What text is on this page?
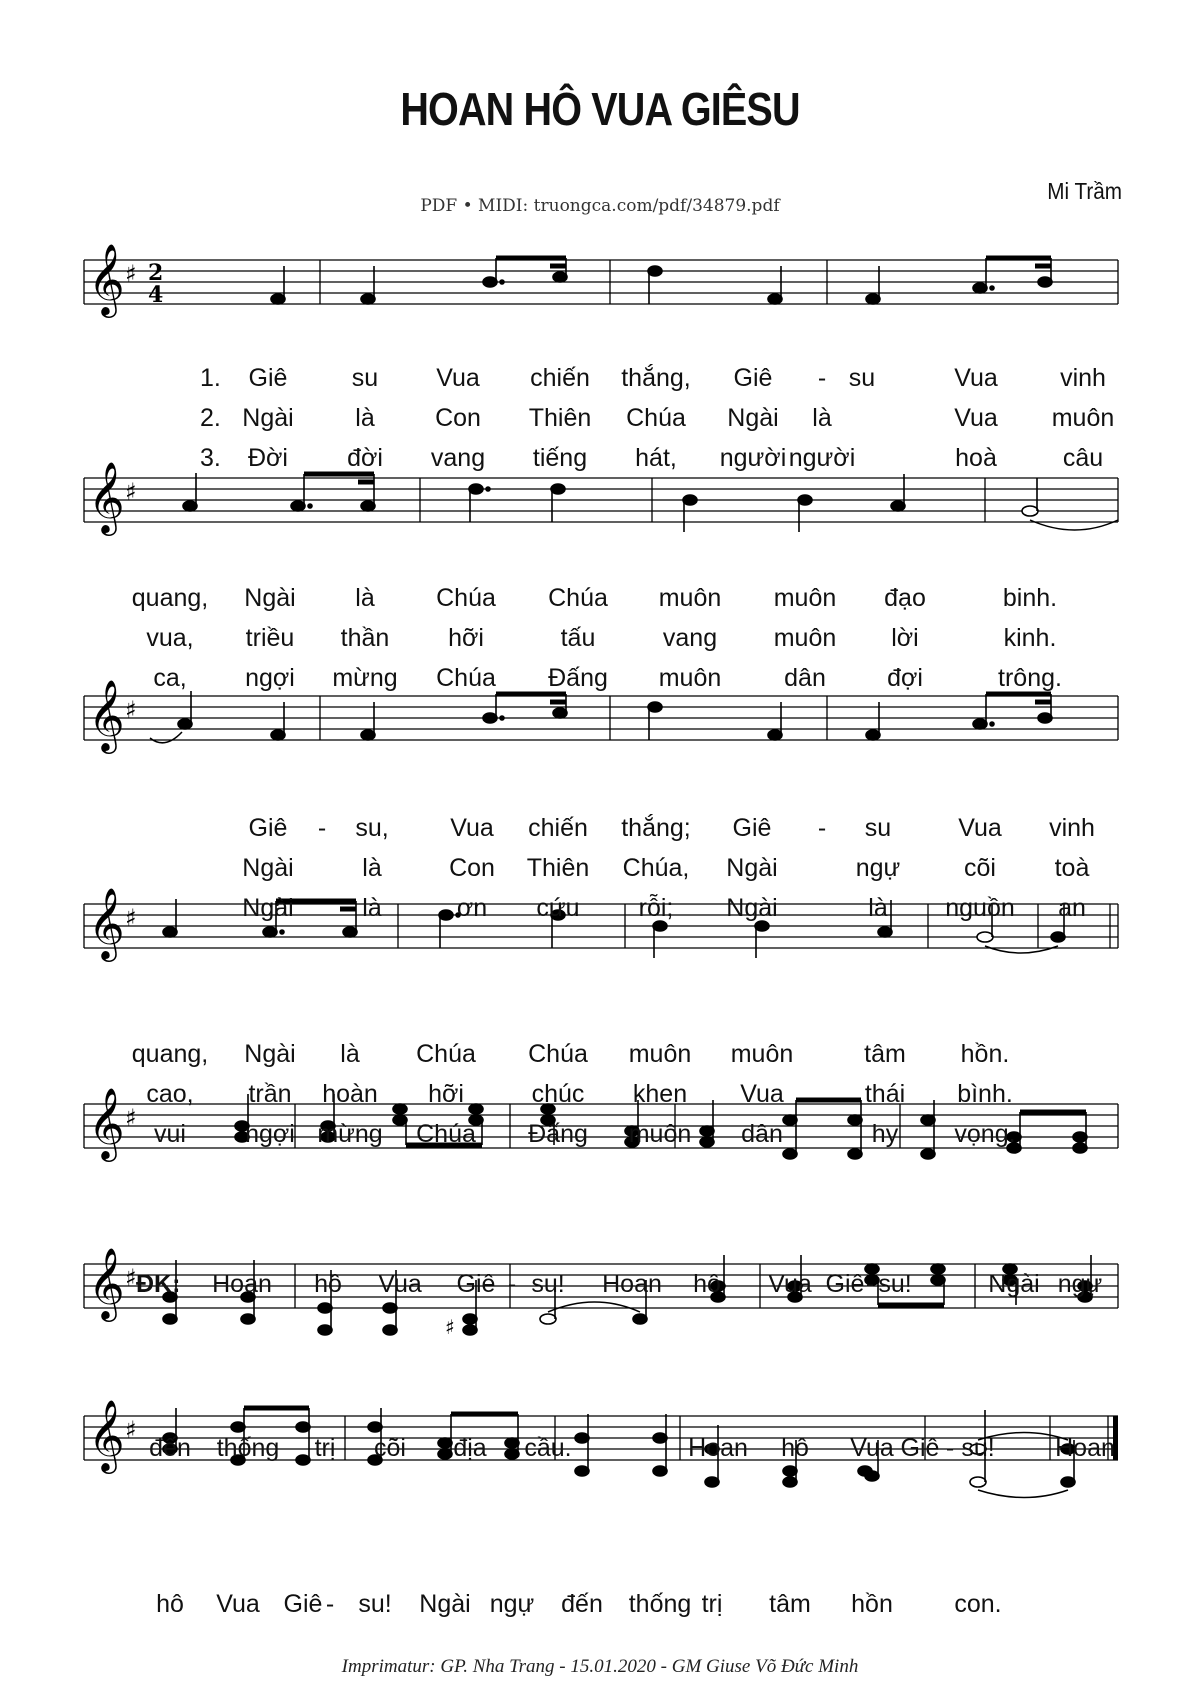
HOAN HÔ VUA GIÊSU
Mi Trầm
PDF • MIDI: truongca.com/pdf/34879.pdf
𝄞 ♯ 2
4
𝄞 ♯
𝄞 ♯
𝄞 ♯
𝄞 ♯
𝄞 ♯
♯
𝄞 ♯
1.
2.
3.
ĐK:
Giê	su Vua chiến thắng, Giê - su	Vua vinh
Ngài là Con Thiên Chúa Ngài là	Vua muôn
Đời đời vang tiếng hát, người người	hoà	câu
quang, Ngài là Chúa Chúa muôn muôn đạo	binh.
vua, triều thần hỡi	tấu	vang muôn lời	kinh.
ca, ngợi mừng Chúa Đấng muôn	dân đợi	trông.
Giê - su, Vua chiến thắng; Giê - su	Vua vinh
Ngài	là	Con Thiên Chúa, Ngài	ngự	cõi toà
Ngài	là	ơn cứu rỗi; Ngài	là nguồn an
quang, Ngài là Chúa Chúa muôn muôn	tâm hồn.
cao, trần hoàn hỡi	chúc khen Vua	thái bình.
vui ngợi mừng Chúa Đấng muôn dân	hy vọng.
Hoan hô Vua Giê - su! Hoan hô Vua Giê - su!	Ngài ngự
đến thống trị cõi địa cầu.	Hoan hô Vua Giê - su! Hoan
hô Vua Giê - su! Ngài ngự đến thống trị tâm hồn con.
Imprimatur: GP. Nha Trang - 15.01.2020 - GM Giuse Võ Đức Minh
